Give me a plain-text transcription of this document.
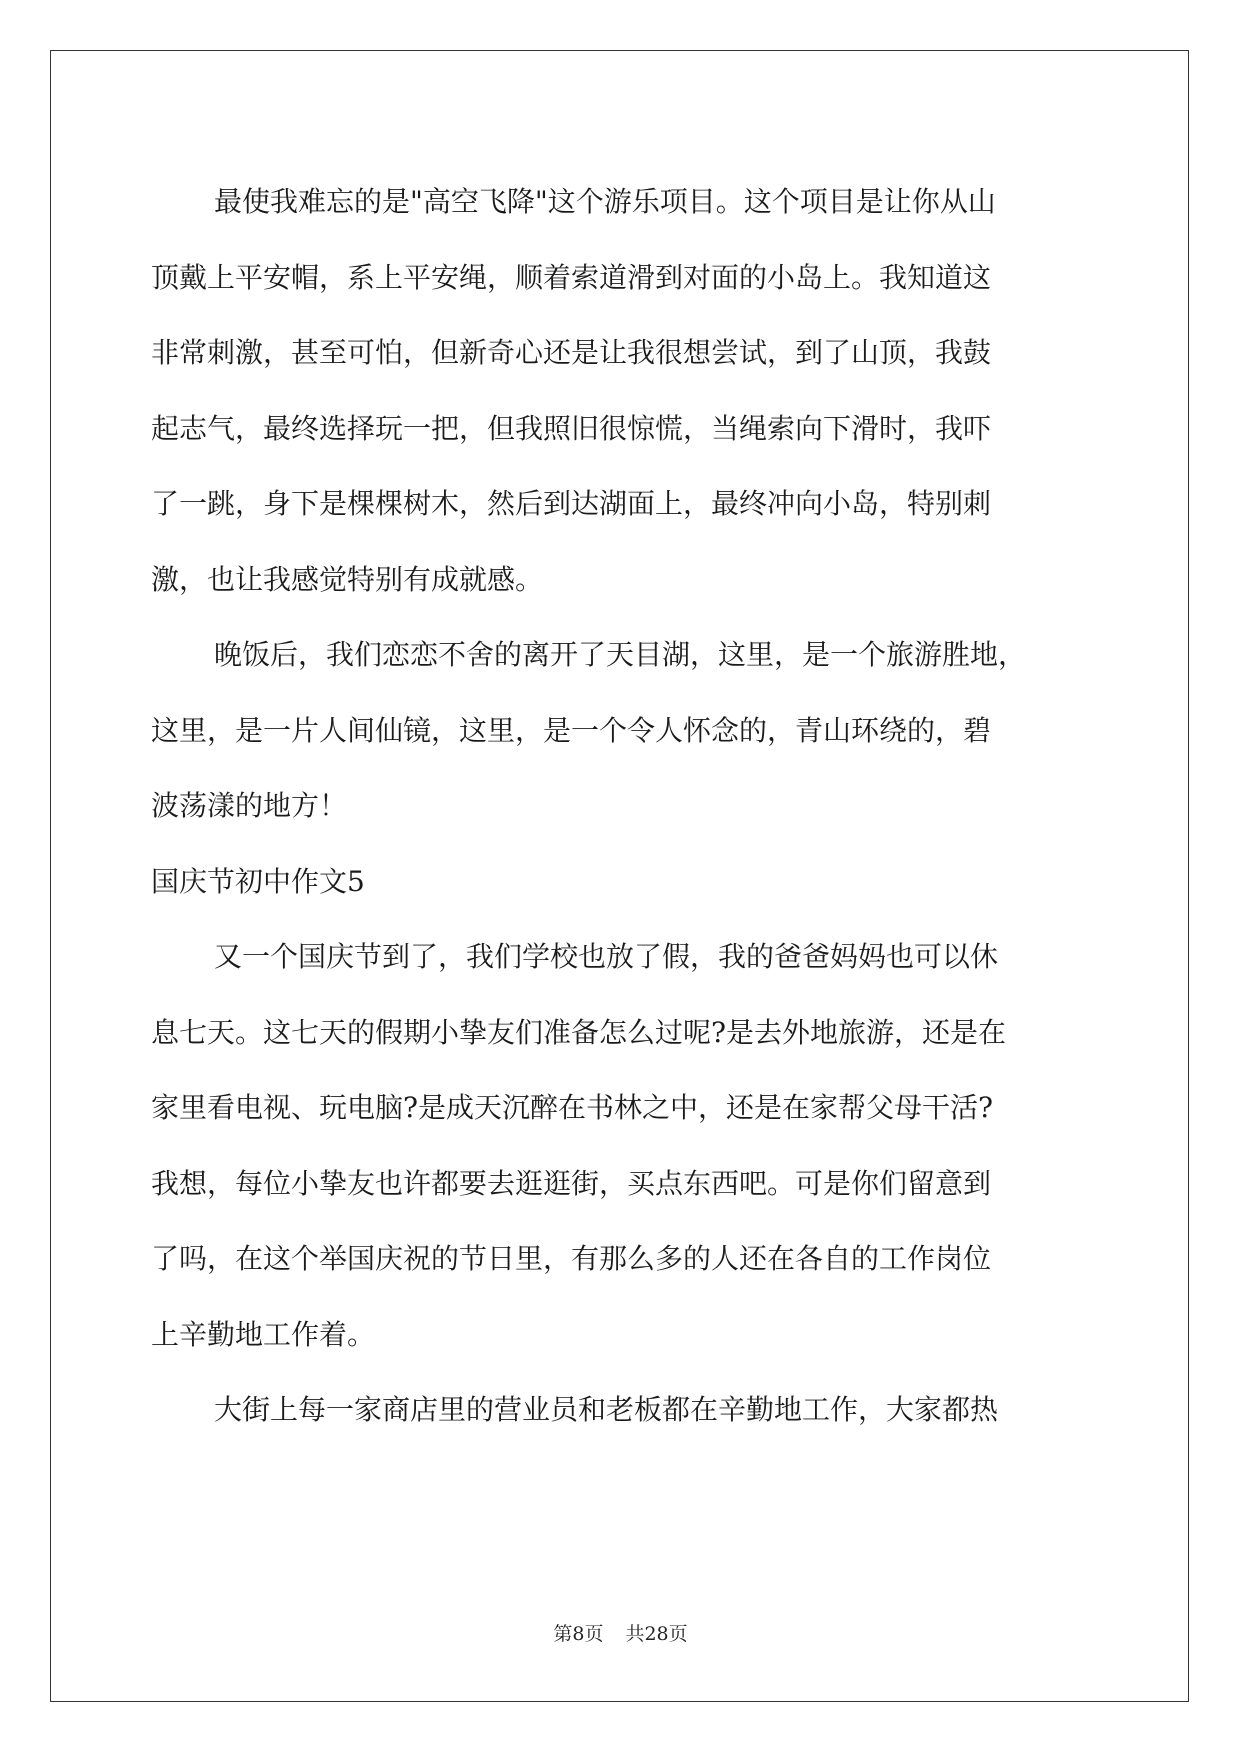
最使我难忘的是"高空飞降"这个游乐项目。这个项目是让你从山

顶戴上平安帽，系上平安绳，顺着索道滑到对面的小岛上。我知道这

非常刺激，甚至可怕，但新奇心还是让我很想尝试，到了山顶，我鼓

起志气，最终选择玩一把，但我照旧很惊慌，当绳索向下滑时，我吓

了一跳，身下是棵棵树木，然后到达湖面上，最终冲向小岛，特别刺

激，也让我感觉特别有成就感。

晚饭后，我们恋恋不舍的离开了天目湖，这里，是一个旅游胜地，

这里，是一片人间仙镜，这里，是一个令人怀念的，青山环绕的，碧

波荡漾的地方！

国庆节初中作文5

又一个国庆节到了，我们学校也放了假，我的爸爸妈妈也可以休

息七天。这七天的假期小挚友们准备怎么过呢?是去外地旅游，还是在

家里看电视、玩电脑?是成天沉醉在书林之中，还是在家帮父母干活?

我想，每位小挚友也许都要去逛逛街，买点东西吧。可是你们留意到

了吗，在这个举国庆祝的节日里，有那么多的人还在各自的工作岗位

上辛勤地工作着。

大街上每一家商店里的营业员和老板都在辛勤地工作，大家都热

第8页 共28页
